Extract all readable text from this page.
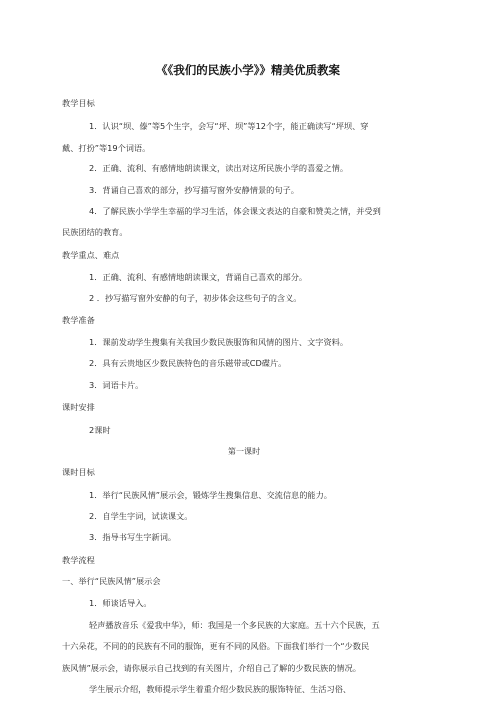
《《我们的民族小学》》精美优质教案
教学目标
1．认识“坝、傣”等5个生字，会写“坪、坝”等12个字，能正确读写“坪坝、穿
戴、打扮”等19个词语。
2．正确、流利、有感情地朗读课文，读出对这所民族小学的喜爱之情。
3．背诵自己喜欢的部分，抄写描写窗外安静情景的句子。
4．了解民族小学学生幸福的学习生活，体会课文表达的自豪和赞美之情，并受到
民族团结的教育。
教学重点、难点
1．正确、流利、有感情地朗读课文，背诵自己喜欢的部分。
2 ．抄写描写窗外安静的句子，初步体会这些句子的含义。
教学准备
1．课前发动学生搜集有关我国少数民族服饰和风情的图片、文字资料。
2．具有云贵地区少数民族特色的音乐磁带或CD碟片。
3．词语卡片。
课时安排
2课时
第一课时
课时目标
1．举行“民族风情”展示会，锻炼学生搜集信息、交流信息的能力。
2．自学生字词，试读课文。
3．指导书写生字新词。
教学流程
一、举行“民族风情”展示会
1．师谈话导入。
轻声播放音乐《爱我中华》，师：我国是一个多民族的大家庭。五十六个民族，五
十六朵花，不同的的民族有不同的服饰，更有不同的风俗。下面我们举行一个“少数民
族风情”展示会，请你展示自己找到的有关图片，介绍自己了解的少数民族的情况。
学生展示介绍，教师提示学生着重介绍少数民族的服饰特征、生活习俗、
